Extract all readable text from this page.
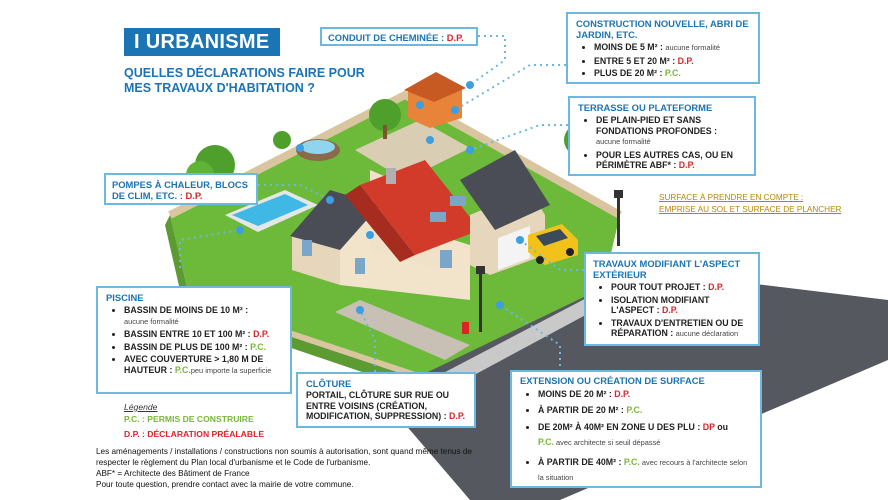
I URBANISME
QUELLES DÉCLARATIONS FAIRE POUR MES TRAVAUX D'HABITATION ?
CONDUIT DE CHEMINÉE : D.P.
CONSTRUCTION NOUVELLE, ABRI DE JARDIN, ETC.
• MOINS DE 5 M² : aucune formalité
• ENTRE 5 ET 20 M² : D.P.
• PLUS DE 20 M² : P.C.
TERRASSE OU PLATEFORME
• DE PLAIN-PIED ET SANS FONDATIONS PROFONDES :
aucune formalité
• POUR LES AUTRES CAS, OU EN PÉRIMÈTRE ABF* : D.P.
SURFACE À PRENDRE EN COMPTE :
EMPRISE AU SOL ET SURFACE DE PLANCHER
POMPES À CHALEUR, BLOCS DE CLIM, ETC. : D.P.
TRAVAUX MODIFIANT L'ASPECT EXTÉRIEUR
• POUR TOUT PROJET : D.P.
• ISOLATION MODIFIANT L'ASPECT : D.P.
• TRAVAUX D'ENTRETIEN OU DE RÉPARATION : aucune déclaration
PISCINE
• BASSIN DE MOINS DE 10 M² :
aucune formalité
• BASSIN ENTRE 10 ET 100 M² : D.P.
• BASSIN DE PLUS DE 100 M² : P.C.
• AVEC COUVERTURE > 1,80 M DE HAUTEUR : P.C.peu importe la superficie
Légende
P.C. : PERMIS DE CONSTRUIRE
D.P. : DÉCLARATION PRÉALABLE
CLÔTURE
PORTAIL, CLÔTURE SUR RUE OU ENTRE VOISINS (CRÉATION, MODIFICATION, SUPPRESSION) : D.P.
EXTENSION OU CRÉATION DE SURFACE
• MOINS DE 20 M² : D.P.
• À PARTIR DE 20 M² : P.C.
• DE 20M² À 40M² EN ZONE U DES PLU : DP ou
P.C. avec architecte si seuil dépassé
• À PARTIR DE 40M² : P.C. avec recours à l'architecte selon la situation
Les aménagements / installations / constructions non soumis à autorisation, sont quand même tenus de respecter le règlement du Plan local d'urbanisme et le Code de l'urbanisme.
ABF* = Architecte des Bâtiment de France
Pour toute question, prendre contact avec la mairie de votre commune.
